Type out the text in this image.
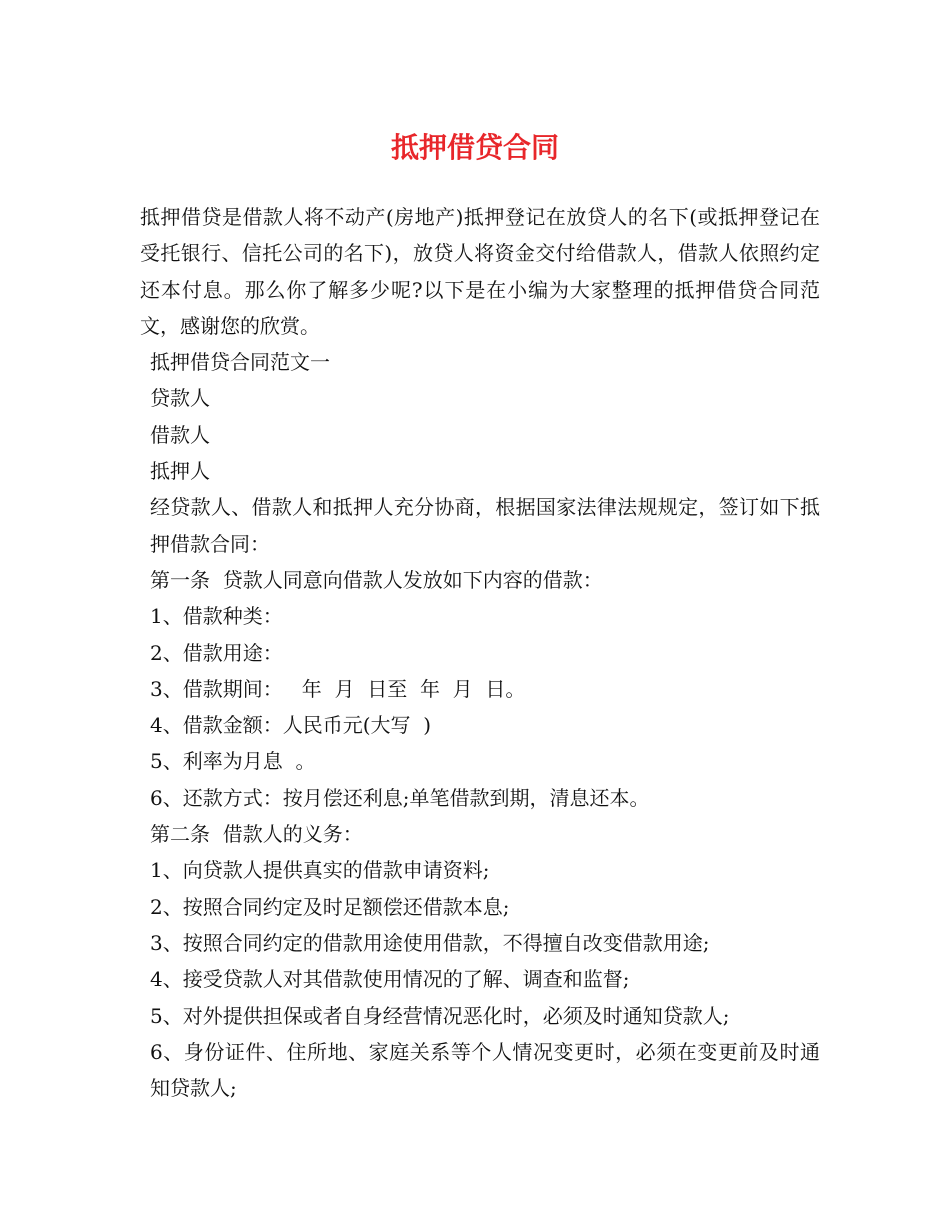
抵押借贷合同

抵押借贷是借款人将不动产(房地产)抵押登记在放贷人的名下(或抵押登记在受托银行、信托公司的名下)，放贷人将资金交付给借款人，借款人依照约定还本付息。那么你了解多少呢?以下是在小编为大家整理的抵押借贷合同范文，感谢您的欣赏。

抵押借贷合同范文一

贷款人

借款人

抵押人

经贷款人、借款人和抵押人充分协商，根据国家法律法规规定，签订如下抵押借款合同：

第一条  贷款人同意向借款人发放如下内容的借款：

1、借款种类：

2、借款用途：

3、借款期间：   年  月  日至  年  月  日。

4、借款金额：人民币元(大写  )

5、利率为月息  。

6、还款方式：按月偿还利息;单笔借款到期，清息还本。

第二条  借款人的义务：

1、向贷款人提供真实的借款申请资料;

2、按照合同约定及时足额偿还借款本息;

3、按照合同约定的借款用途使用借款，不得擅自改变借款用途;

4、接受贷款人对其借款使用情况的了解、调查和监督;

5、对外提供担保或者自身经营情况恶化时，必须及时通知贷款人;

6、身份证件、住所地、家庭关系等个人情况变更时，必须在变更前及时通知贷款人;
